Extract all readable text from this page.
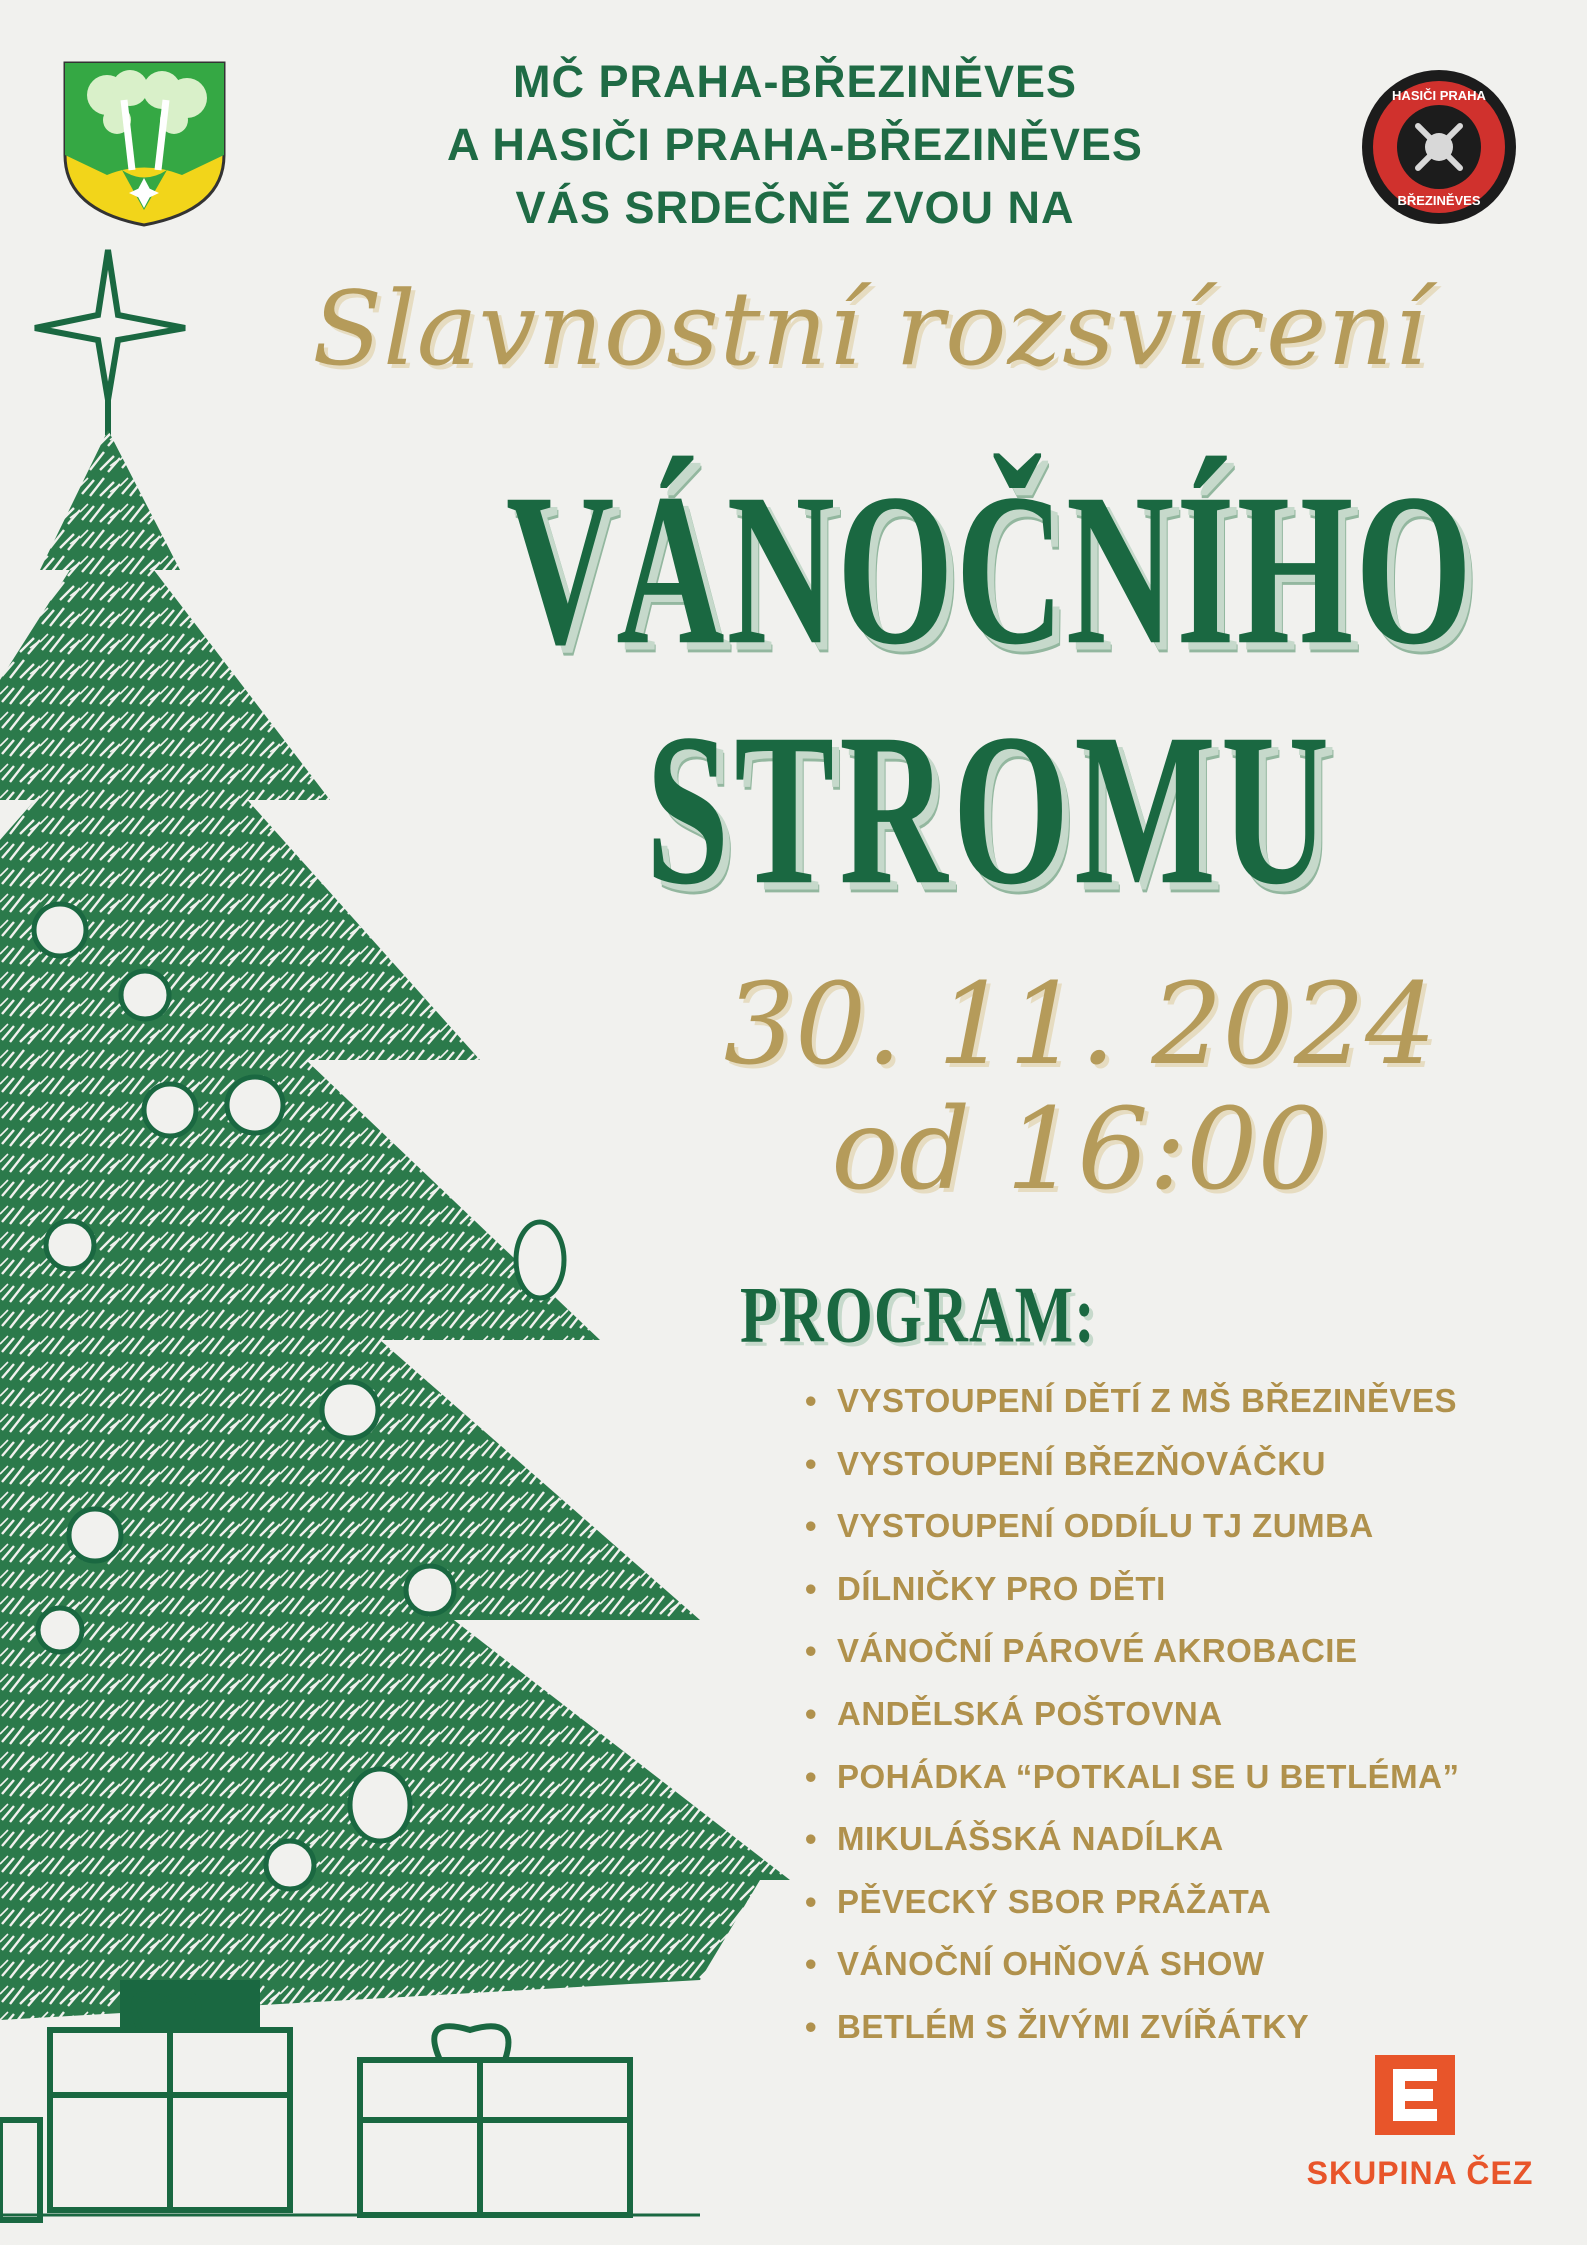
HASIČI PRAHA
BŘEZINĚVES
MČ PRAHA-BŘEZINĚVES
A HASIČI PRAHA-BŘEZINĚVES
VÁS SRDEČNĚ ZVOU NA
Slavnostní rozsvícení
VÁNOČNÍHO
STROMU
30. 11. 2024
od 16:00
PROGRAM:
• VYSTOUPENÍ DĚTÍ Z MŠ BŘEZINĚVES
• VYSTOUPENÍ BŘEZŇOVÁČKU
• VYSTOUPENÍ ODDÍLU TJ ZUMBA
• DÍLNIČKY PRO DĚTI
• VÁNOČNÍ PÁROVÉ AKROBACIE
• ANDĚLSKÁ POŠTOVNA
• POHÁDKA “POTKALI SE U BETLÉMA”
• MIKULÁŠSKÁ NADÍLKA
• PĚVECKÝ SBOR PRÁŽATA
• VÁNOČNÍ OHŇOVÁ SHOW
• BETLÉM S ŽIVÝMI ZVÍŘÁTKY
SKUPINA ČEZ
